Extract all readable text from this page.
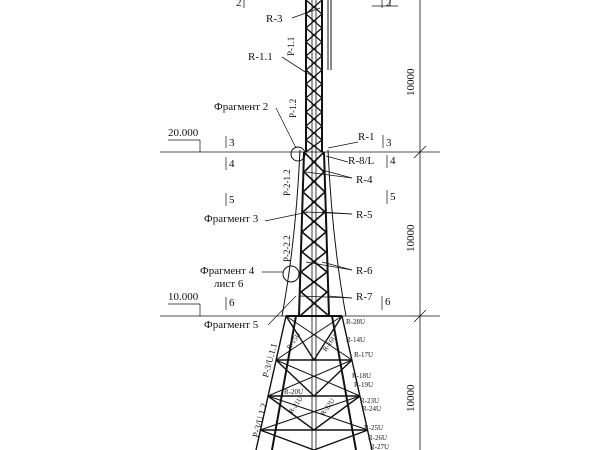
R-3
R-1.1
R-1
R-8/L
R-4
R-5
R-6
R-7
P-1.1
P-1.2
P-2-1.2
P-2-2.2
P-3/U.1.1
P-3/U.1.2
Фрагмент 2
Фрагмент 3
Фрагмент 4
лист 6
Фрагмент 5
20.000
10.000
2	2
3	3
4	4
5	5
6	6
10000
10000
10000
R-28U
R-14U
R-17U
R-20U
R-18U
R-19U
R-23U
R-24U
R-25U
R-26U
R-27U
R-15U	R-16U
R-21U R-22U
